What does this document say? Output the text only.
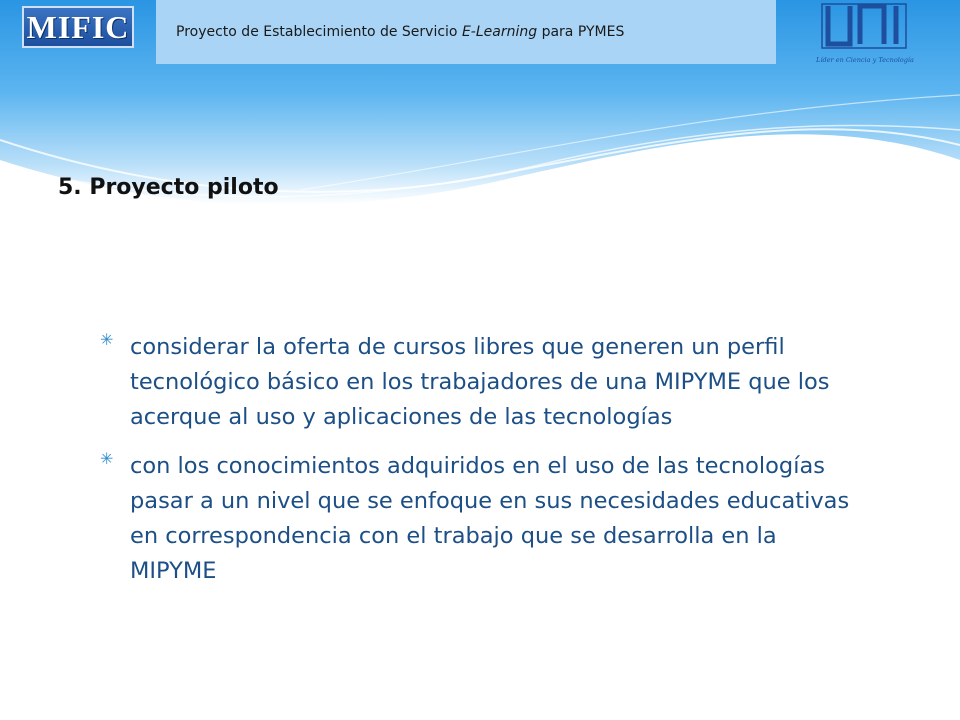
MIFIC	Proyecto de Establecimiento de Servicio E-Learning para PYMES
Líder en Ciencia y Tecnología
5. Proyecto piloto
✳ considerar la oferta de cursos libres que generen un perfil tecnológico básico en los trabajadores de una MIPYME que los acerque al uso y aplicaciones de las tecnologías
✳ con los conocimientos adquiridos en el uso de las tecnologías pasar a un nivel que se enfoque en sus necesidades educativas en correspondencia con el trabajo que se desarrolla en la MIPYME
